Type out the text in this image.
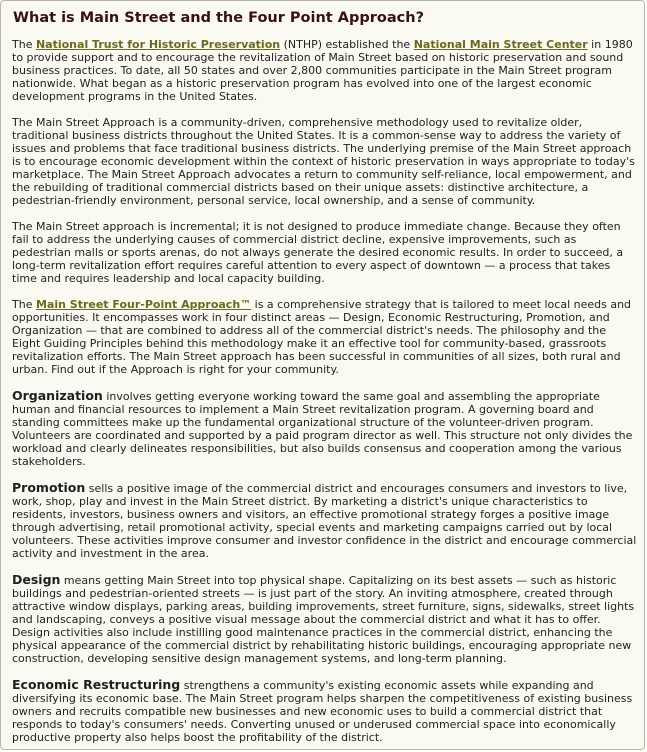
What is Main Street and the Four Point Approach?

The National Trust for Historic Preservation (NTHP) established the National Main Street Center in 1980 to provide support and to encourage the revitalization of Main Street based on historic preservation and sound business practices. To date, all 50 states and over 2,800 communities participate in the Main Street program nationwide. What began as a historic preservation program has evolved into one of the largest economic development programs in the United States.

The Main Street Approach is a community-driven, comprehensive methodology used to revitalize older, traditional business districts throughout the United States. It is a common-sense way to address the variety of issues and problems that face traditional business districts. The underlying premise of the Main Street approach is to encourage economic development within the context of historic preservation in ways appropriate to today's marketplace. The Main Street Approach advocates a return to community self-reliance, local empowerment, and the rebuilding of traditional commercial districts based on their unique assets: distinctive architecture, a pedestrian-friendly environment, personal service, local ownership, and a sense of community.

The Main Street approach is incremental; it is not designed to produce immediate change. Because they often fail to address the underlying causes of commercial district decline, expensive improvements, such as pedestrian malls or sports arenas, do not always generate the desired economic results. In order to succeed, a long-term revitalization effort requires careful attention to every aspect of downtown — a process that takes time and requires leadership and local capacity building.

The Main Street Four-Point Approach™ is a comprehensive strategy that is tailored to meet local needs and opportunities. It encompasses work in four distinct areas — Design, Economic Restructuring, Promotion, and Organization — that are combined to address all of the commercial district's needs. The philosophy and the Eight Guiding Principles behind this methodology make it an effective tool for community-based, grassroots revitalization efforts. The Main Street approach has been successful in communities of all sizes, both rural and urban. Find out if the Approach is right for your community.

Organization involves getting everyone working toward the same goal and assembling the appropriate human and financial resources to implement a Main Street revitalization program. A governing board and standing committees make up the fundamental organizational structure of the volunteer-driven program. Volunteers are coordinated and supported by a paid program director as well. This structure not only divides the workload and clearly delineates responsibilities, but also builds consensus and cooperation among the various stakeholders.

Promotion sells a positive image of the commercial district and encourages consumers and investors to live, work, shop, play and invest in the Main Street district. By marketing a district's unique characteristics to residents, investors, business owners and visitors, an effective promotional strategy forges a positive image through advertising, retail promotional activity, special events and marketing campaigns carried out by local volunteers. These activities improve consumer and investor confidence in the district and encourage commercial activity and investment in the area.

Design means getting Main Street into top physical shape. Capitalizing on its best assets — such as historic buildings and pedestrian-oriented streets — is just part of the story. An inviting atmosphere, created through attractive window displays, parking areas, building improvements, street furniture, signs, sidewalks, street lights and landscaping, conveys a positive visual message about the commercial district and what it has to offer. Design activities also include instilling good maintenance practices in the commercial district, enhancing the physical appearance of the commercial district by rehabilitating historic buildings, encouraging appropriate new construction, developing sensitive design management systems, and long-term planning.

Economic Restructuring strengthens a community's existing economic assets while expanding and diversifying its economic base. The Main Street program helps sharpen the competitiveness of existing business owners and recruits compatible new businesses and new economic uses to build a commercial district that responds to today's consumers' needs. Converting unused or underused commercial space into economically productive property also helps boost the profitability of the district.
